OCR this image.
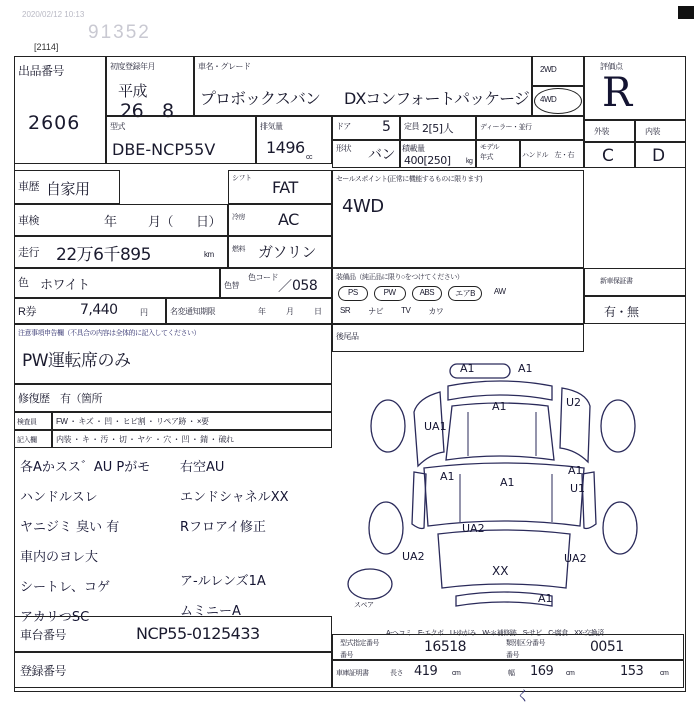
2020/02/12 10:13
91352
[2114]
出品番号
2606
初度登録年月
平成
26 8
車名・グレード
プロボックスバン DXコンフォートパッケージ
2WD
4WD
評価点
R
外装	内装
C D
型式
DBE-NCP55V
排気量
1496
cc
ドア 5 定員 2[5]人	ディーラー・並行
形状 バン 積載量
400[250] kg
モデル
年式	ハンドル　左・右
車歴 自家用
車検	年 月（ 日）
走行 22万6千895	km
色 ホワイト	色替
R券	7,440	円	名変通知期限	年	月	日
シフト FAT
冷房 AC
燃料 ガソリン
色コード
／ 058
セールスポイント(正常に機能するものに限ります)
4WD
装備品（純正品に限り○をつけてください）
新車保証書
有・無
PS	PW	ABS	エアB	AW
SR ナビ TV カワ
注意事項申告欄（不具合の内容は全体的に記入してください）
PW運転席のみ
後尾品
修復歴　有（箇所
検査員
記入欄
FW ・ キズ ・ 凹 ・ ヒビ割 ・ リペア跡 ・ ×要
内装 ・ キ ・ 汚 ・ 切 ・ ヤケ ・ 穴 ・ 凹 ・ 錆 ・ 破れ
各Aかスス゛AU Pがモ
ハンドルスレ
ヤニジミ 臭い 有
車内のヨレ大
シートレ、コゲ
アカリつSC
右空AU
エンドシャネルXX
Rフロアイ修正
ア-ルレンズ1A
ムミニーA	スペア
A1	A1
A1	U2
UA1
A1	A1
A1
U1
UA2
UA2
XX
UA2
A1
A-へコミ　E-エクボ　U-ゆがみ　W-＊補修跡　S-サビ　C-腐食　XX-交換済
車台番号	NCP55-0125433
登録番号
型式指定番号	類別区分番号
番号	番号
16518	0051
車庫証明書	長さ 419 cm	幅 169 cm	153 cm
く
